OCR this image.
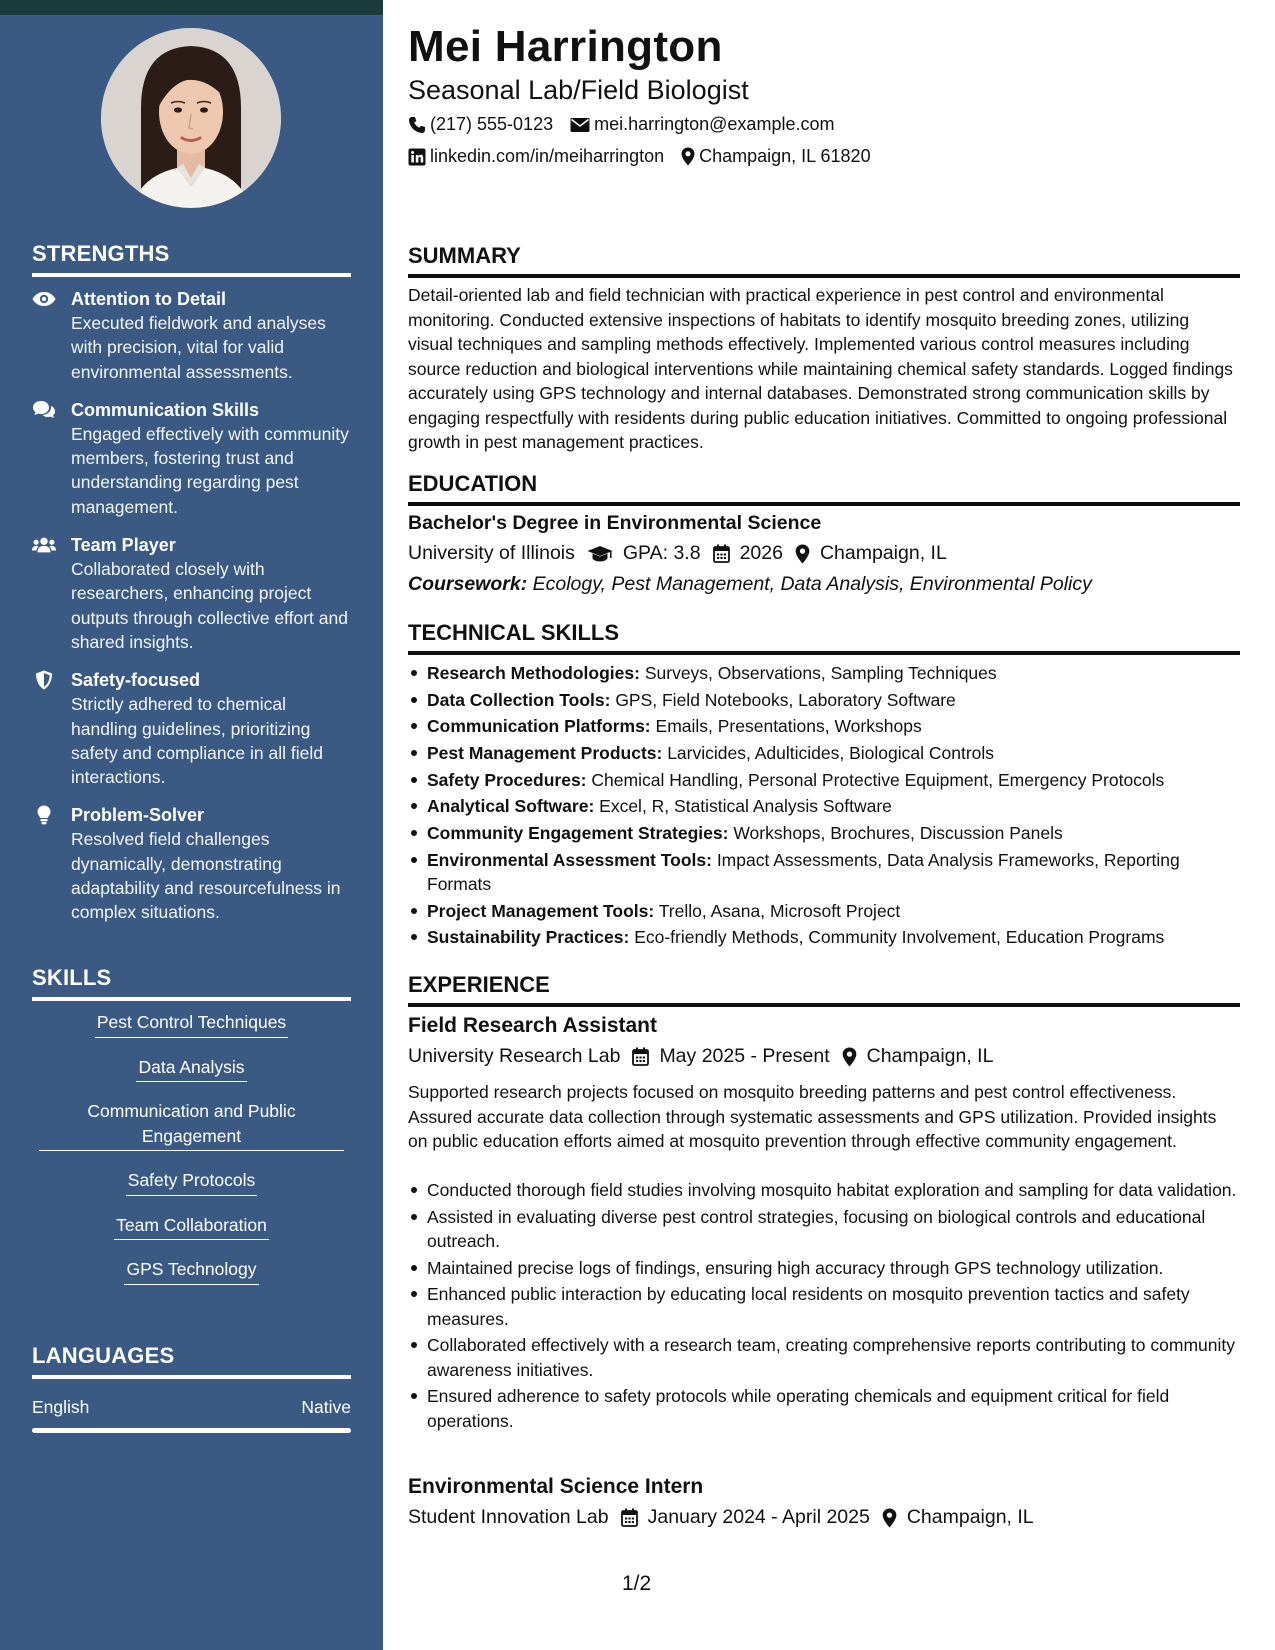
STRENGTHS
Attention to Detail
Executed fieldwork and analyses with precision, vital for valid environmental assessments.
Communication Skills
Engaged effectively with community members, fostering trust and understanding regarding pest management.
Team Player
Collaborated closely with researchers, enhancing project outputs through collective effort and shared insights.
Safety-focused
Strictly adhered to chemical handling guidelines, prioritizing safety and compliance in all field interactions.
Problem-Solver
Resolved field challenges dynamically, demonstrating adaptability and resourcefulness in complex situations.
SKILLS
Pest Control Techniques
Data Analysis
Communication and Public Engagement
Safety Protocols
Team Collaboration
GPS Technology
LANGUAGES
English	Native
Mei Harrington
Seasonal Lab/Field Biologist
(217) 555-0123 mei.harrington@example.com
linkedin.com/in/meiharrington Champaign, IL 61820
SUMMARY
Detail-oriented lab and field technician with practical experience in pest control and environmental monitoring. Conducted extensive inspections of habitats to identify mosquito breeding zones, utilizing visual techniques and sampling methods effectively. Implemented various control measures including source reduction and biological interventions while maintaining chemical safety standards. Logged findings accurately using GPS technology and internal databases. Demonstrated strong communication skills by engaging respectfully with residents during public education initiatives. Committed to ongoing professional growth in pest management practices.
EDUCATION
Bachelor's Degree in Environmental Science
University of Illinois GPA: 3.8 2026 Champaign, IL
Coursework: Ecology, Pest Management, Data Analysis, Environmental Policy
TECHNICAL SKILLS
Research Methodologies: Surveys, Observations, Sampling Techniques
Data Collection Tools: GPS, Field Notebooks, Laboratory Software
Communication Platforms: Emails, Presentations, Workshops
Pest Management Products: Larvicides, Adulticides, Biological Controls
Safety Procedures: Chemical Handling, Personal Protective Equipment, Emergency Protocols
Analytical Software: Excel, R, Statistical Analysis Software
Community Engagement Strategies: Workshops, Brochures, Discussion Panels
Environmental Assessment Tools: Impact Assessments, Data Analysis Frameworks, Reporting Formats
Project Management Tools: Trello, Asana, Microsoft Project
Sustainability Practices: Eco-friendly Methods, Community Involvement, Education Programs
EXPERIENCE
Field Research Assistant
University Research Lab May 2025 - Present Champaign, IL
Supported research projects focused on mosquito breeding patterns and pest control effectiveness. Assured accurate data collection through systematic assessments and GPS utilization. Provided insights on public education efforts aimed at mosquito prevention through effective community engagement.
Conducted thorough field studies involving mosquito habitat exploration and sampling for data validation.
Assisted in evaluating diverse pest control strategies, focusing on biological controls and educational outreach.
Maintained precise logs of findings, ensuring high accuracy through GPS technology utilization.
Enhanced public interaction by educating local residents on mosquito prevention tactics and safety measures.
Collaborated effectively with a research team, creating comprehensive reports contributing to community awareness initiatives.
Ensured adherence to safety protocols while operating chemicals and equipment critical for field operations.
Environmental Science Intern
Student Innovation Lab January 2024 - April 2025 Champaign, IL
1/2
